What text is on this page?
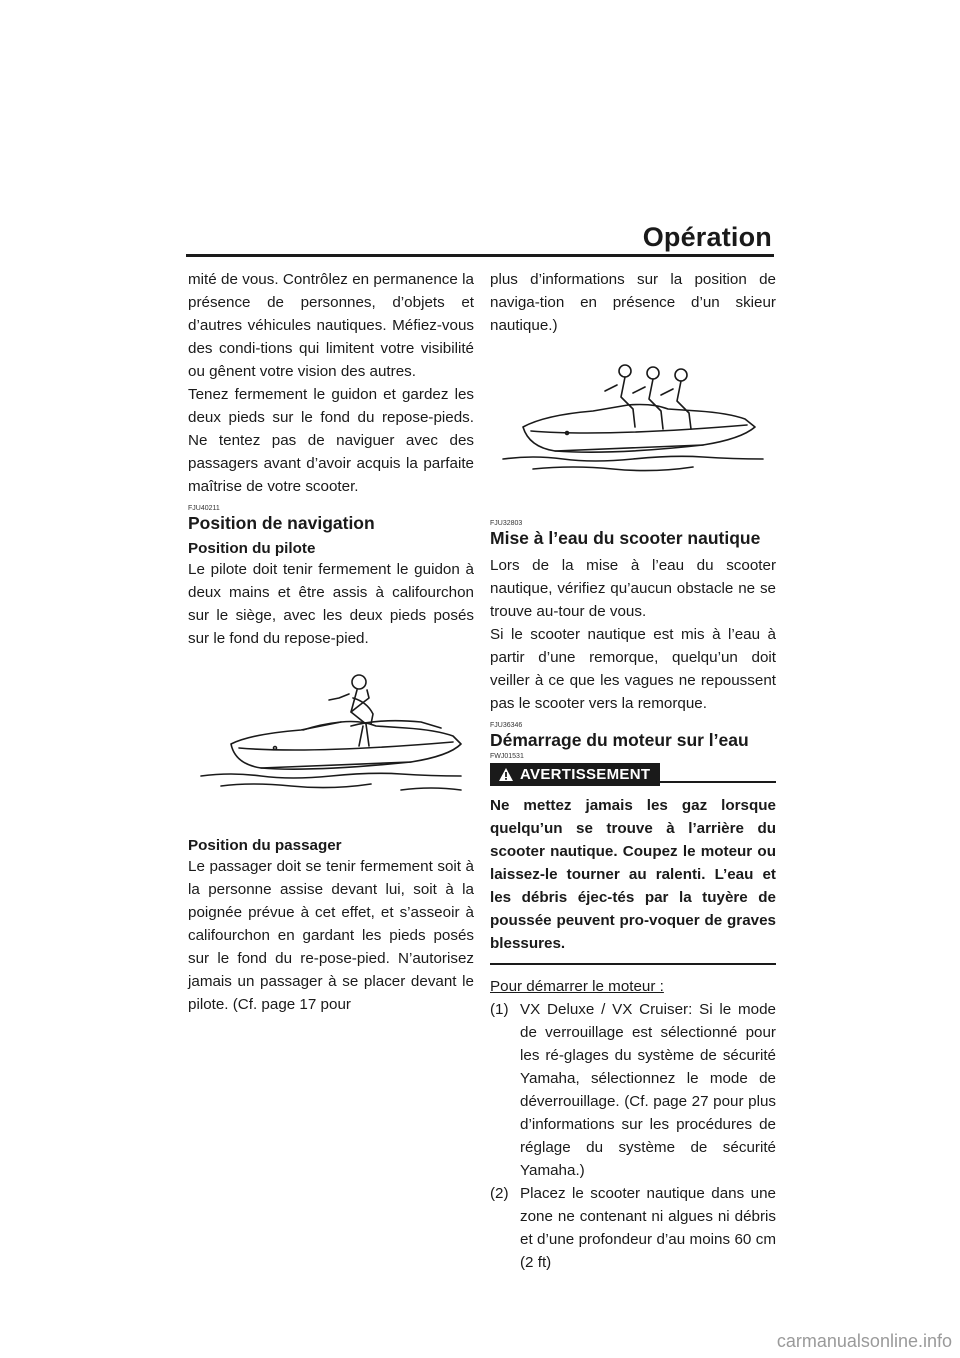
Opération

mité de vous. Contrôlez en permanence la présence de personnes, d’objets et d’autres véhicules nautiques. Méfiez-vous des condi-tions qui limitent votre visibilité ou gênent votre vision des autres.

Tenez fermement le guidon et gardez les deux pieds sur le fond du repose-pieds. Ne tentez pas de naviguer avec des passagers avant d’avoir acquis la parfaite maîtrise de votre scooter.

FJU40211
Position de navigation
Position du pilote

Le pilote doit tenir fermement le guidon à deux mains et être assis à califourchon sur le siège, avec les deux pieds posés sur le fond du repose-pied.

Position du passager

Le passager doit se tenir fermement soit à la personne assise devant lui, soit à la poignée prévue à cet effet, et s’asseoir à califourchon en gardant les pieds posés sur le fond du re-pose-pied. N’autorisez jamais un passager à se placer devant le pilote. (Cf. page 17 pour

plus d’informations sur la position de naviga-tion en présence d’un skieur nautique.)

FJU32803
Mise à l’eau du scooter nautique

Lors de la mise à l’eau du scooter nautique, vérifiez qu’aucun obstacle ne se trouve au-tour de vous.

Si le scooter nautique est mis à l’eau à partir d’une remorque, quelqu’un doit veiller à ce que les vagues ne repoussent pas le scooter vers la remorque.

FJU36346
Démarrage du moteur sur l’eau
FWJ01531
AVERTISSEMENT

Ne mettez jamais les gaz lorsque quelqu’un se trouve à l’arrière du scooter nautique. Coupez le moteur ou laissez-le tourner au ralenti. L’eau et les débris éjec-tés par la tuyère de poussée peuvent pro-voquer de graves blessures.

Pour démarrer le moteur :

(1) VX Deluxe / VX Cruiser: Si le mode de verrouillage est sélectionné pour les ré-glages du système de sécurité Yamaha, sélectionnez le mode de déverrouillage. (Cf. page 27 pour plus d’informations sur les procédures de réglage du système de sécurité Yamaha.)
(2) Placez le scooter nautique dans une zone ne contenant ni algues ni débris et d’une profondeur d’au moins 60 cm (2 ft)
carmanualsonline.info
